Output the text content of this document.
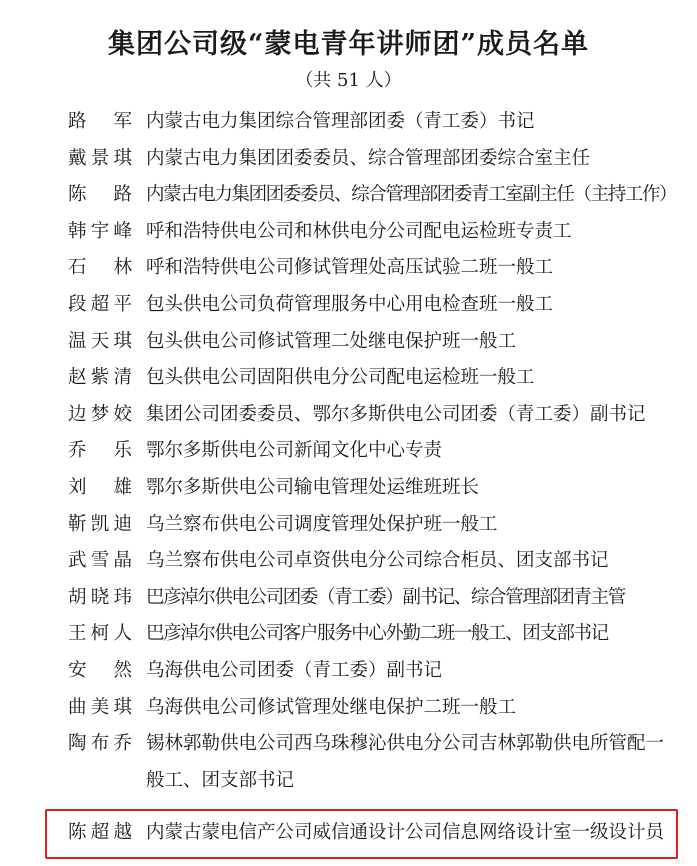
集团公司级“蒙电青年讲师团”成员名单
（共 51 人）
路　军 内蒙古电力集团综合管理部团委（青工委）书记
戴景琪 内蒙古电力集团团委委员、综合管理部团委综合室主任
陈　路 内蒙古电力集团团委委员、综合管理部团委青工室副主任（主持工作）
韩宇峰 呼和浩特供电公司和林供电分公司配电运检班专责工
石　林 呼和浩特供电公司修试管理处高压试验二班一般工
段超平 包头供电公司负荷管理服务中心用电检查班一般工
温天琪 包头供电公司修试管理二处继电保护班一般工
赵紫清 包头供电公司固阳供电分公司配电运检班一般工
边梦姣 集团公司团委委员、鄂尔多斯供电公司团委（青工委）副书记
乔　乐 鄂尔多斯供电公司新闻文化中心专责
刘　雄 鄂尔多斯供电公司输电管理处运维班班长
靳凯迪 乌兰察布供电公司调度管理处保护班一般工
武雪晶 乌兰察布供电公司卓资供电分公司综合柜员、团支部书记
胡晓玮 巴彦淖尔供电公司团委（青工委）副书记、综合管理部团青主管
王柯人 巴彦淖尔供电公司客户服务中心外勤二班一般工、团支部书记
安　然 乌海供电公司团委（青工委）副书记
曲美琪 乌海供电公司修试管理处继电保护二班一般工
陶布乔 锡林郭勒供电公司西乌珠穆沁供电分公司吉林郭勒供电所管配一般工、团支部书记
陈超越 内蒙古蒙电信产公司威信通设计公司信息网络设计室一级设计员
